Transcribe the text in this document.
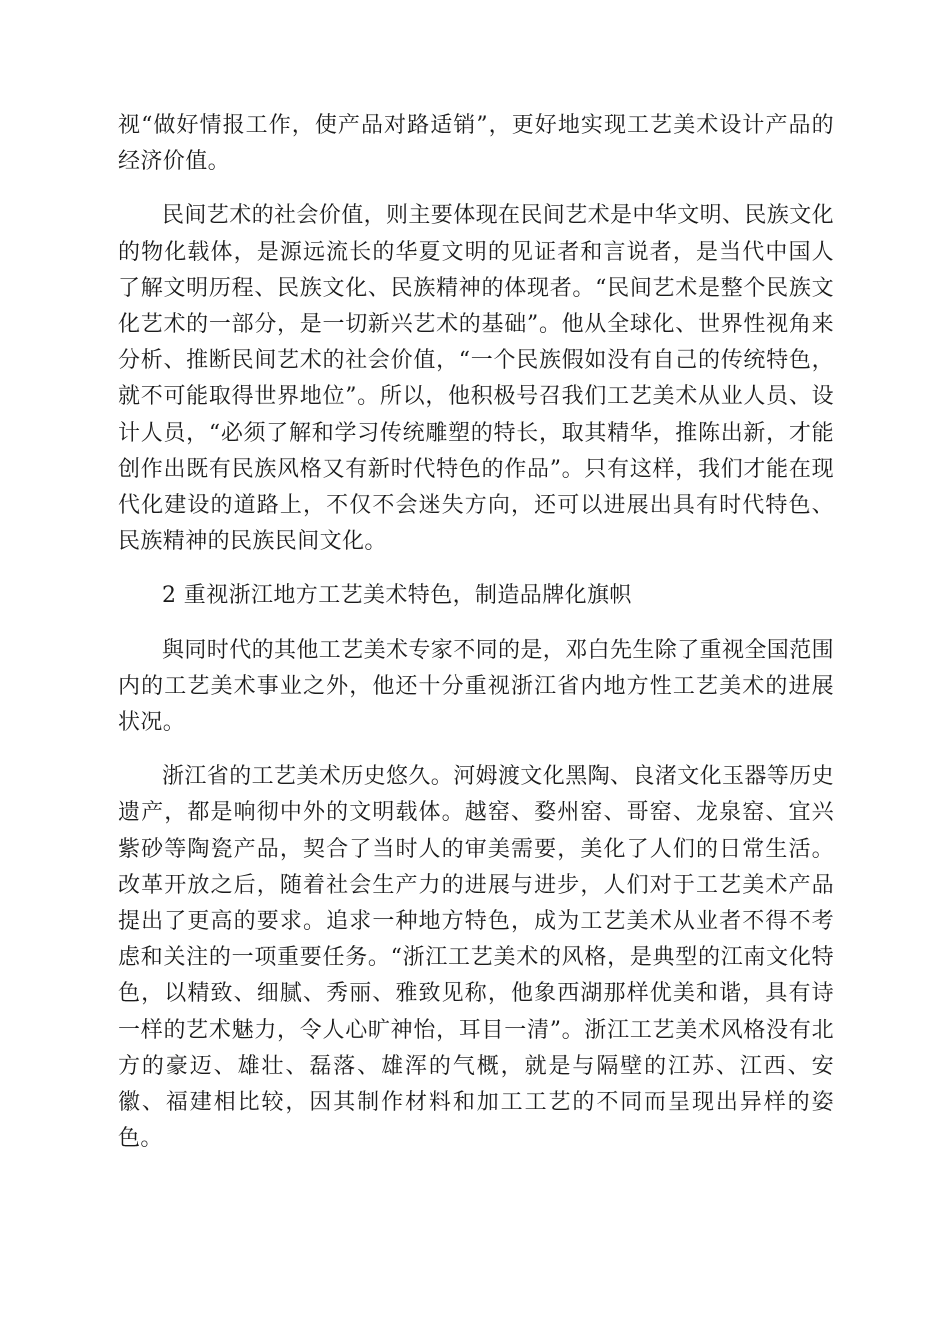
视“做好情报工作，使产品对路适销”，更好地实现工艺美术设计产品的经济价值。

民间艺术的社会价值，则主要体现在民间艺术是中华文明、民族文化的物化载体，是源远流长的华夏文明的见证者和言说者，是当代中国人了解文明历程、民族文化、民族精神的体现者。“民间艺术是整个民族文化艺术的一部分，是一切新兴艺术的基础”。他从全球化、世界性视角来分析、推断民间艺术的社会价值，“一个民族假如没有自己的传统特色，就不可能取得世界地位”。所以，他积极号召我们工艺美术从业人员、设计人员，“必须了解和学习传统雕塑的特长，取其精华，推陈出新，才能创作出既有民族风格又有新时代特色的作品”。只有这样，我们才能在现代化建设的道路上，不仅不会迷失方向，还可以进展出具有时代特色、民族精神的民族民间文化。

2 重视浙江地方工艺美术特色，制造品牌化旗帜

與同时代的其他工艺美术专家不同的是，邓白先生除了重视全国范围内的工艺美术事业之外，他还十分重视浙江省内地方性工艺美术的进展状况。

浙江省的工艺美术历史悠久。河姆渡文化黑陶、良渚文化玉器等历史遗产，都是响彻中外的文明载体。越窑、婺州窑、哥窑、龙泉窑、宜兴紫砂等陶瓷产品，契合了当时人的审美需要，美化了人们的日常生活。改革开放之后，随着社会生产力的进展与进步，人们对于工艺美术产品提出了更高的要求。追求一种地方特色，成为工艺美术从业者不得不考虑和关注的一项重要任务。“浙江工艺美术的风格，是典型的江南文化特色，以精致、细腻、秀丽、雅致见称，他象西湖那样优美和谐，具有诗一样的艺术魅力，令人心旷神怡，耳目一清”。浙江工艺美术风格没有北方的豪迈、雄壮、磊落、雄浑的气概，就是与隔壁的江苏、江西、安徽、福建相比较，因其制作材料和加工工艺的不同而呈现出异样的姿色。
